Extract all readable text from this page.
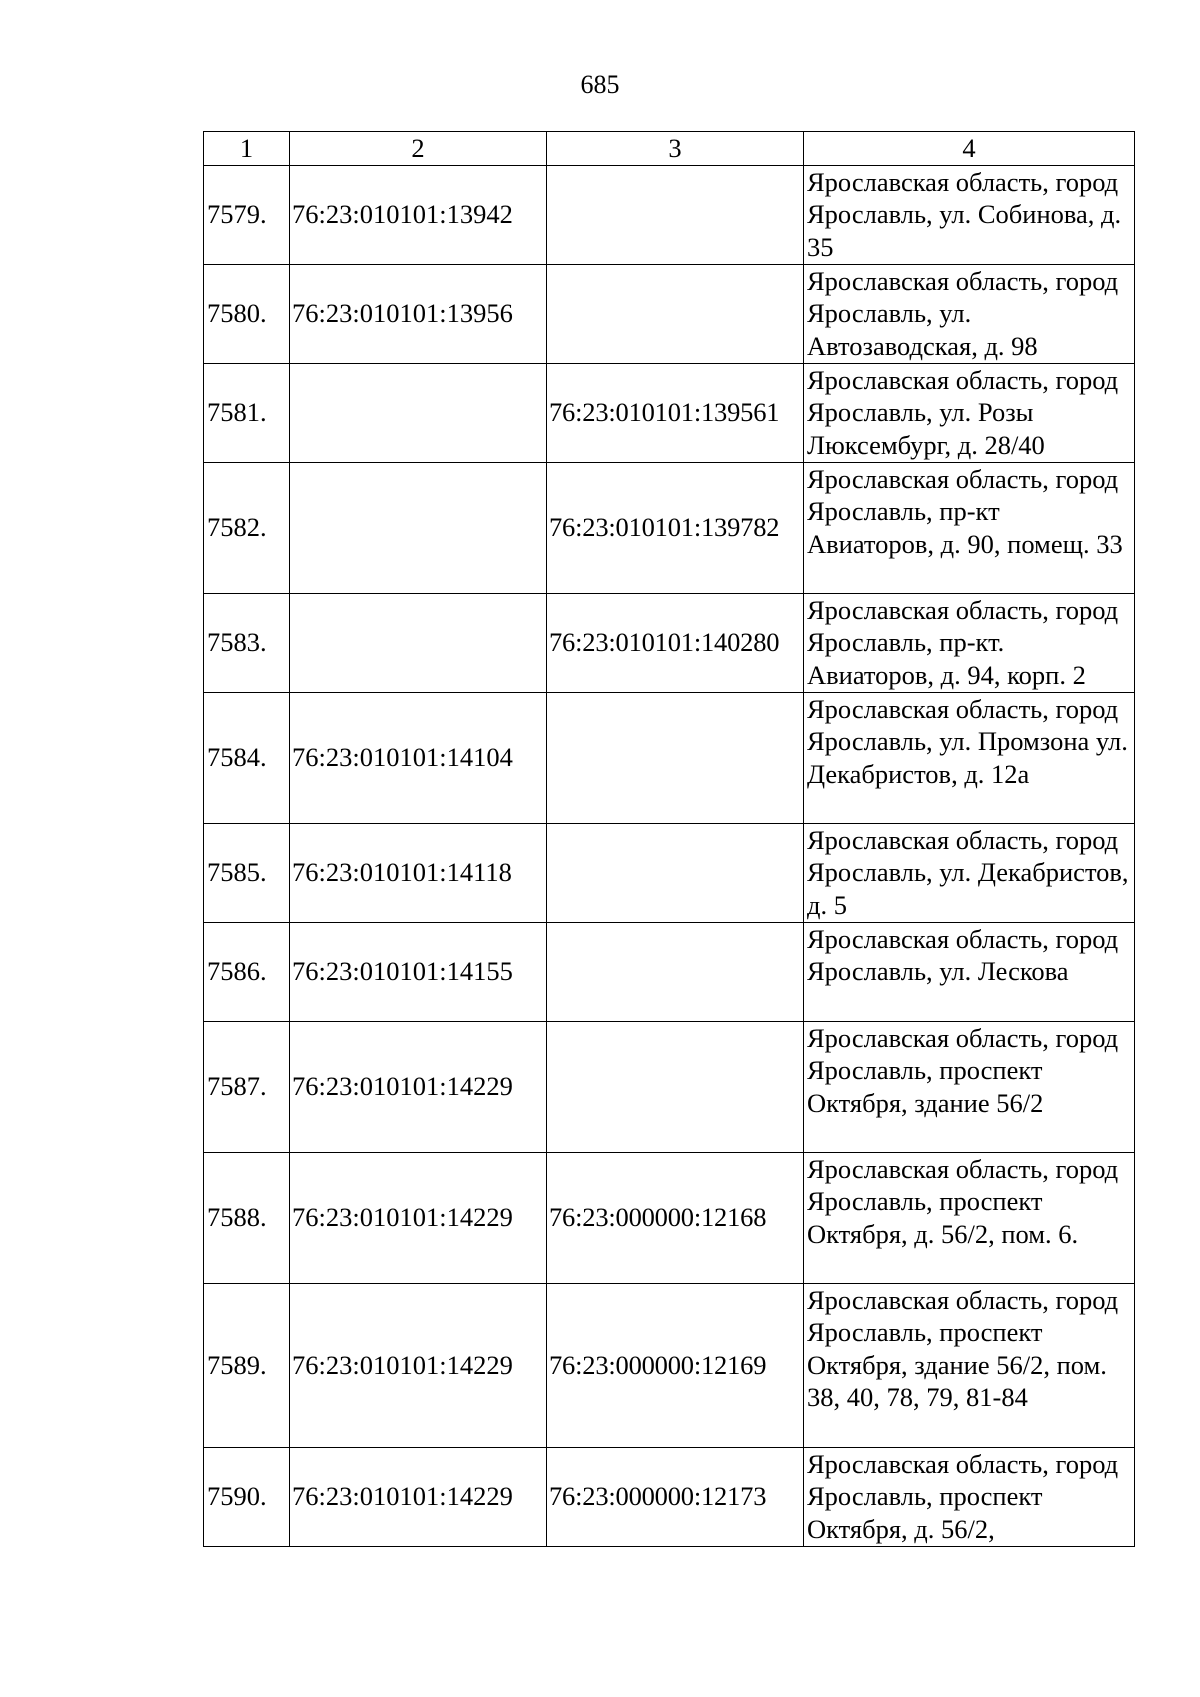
685
1	2	3	4
7579.	76:23:010101:13942		Ярославская область, город Ярославль, ул. Собинова, д. 35
7580.	76:23:010101:13956		Ярославская область, город Ярославль, ул. Автозаводская, д. 98
7581.		76:23:010101:139561	Ярославская область, город Ярославль, ул. Розы Люксембург, д. 28/40
7582.		76:23:010101:139782	Ярославская область, город Ярославль, пр-кт Авиаторов, д. 90, помещ. 33
7583.		76:23:010101:140280	Ярославская область, город Ярославль, пр-кт. Авиаторов, д. 94, корп. 2
7584.	76:23:010101:14104		Ярославская область, город Ярославль, ул. Промзона ул. Декабристов, д. 12а
7585.	76:23:010101:14118		Ярославская область, город Ярославль, ул. Декабристов, д. 5
7586.	76:23:010101:14155		Ярославская область, город Ярославль, ул. Лескова
7587.	76:23:010101:14229		Ярославская область, город Ярославль, проспект Октября, здание 56/2
7588.	76:23:010101:14229	76:23:000000:12168	Ярославская область, город Ярославль, проспект Октября, д. 56/2, пом. 6.
7589.	76:23:010101:14229	76:23:000000:12169	Ярославская область, город Ярославль, проспект Октября, здание 56/2, пом. 38, 40, 78, 79, 81-84
7590.	76:23:010101:14229	76:23:000000:12173	Ярославская область, город Ярославль, проспект Октября, д. 56/2,
